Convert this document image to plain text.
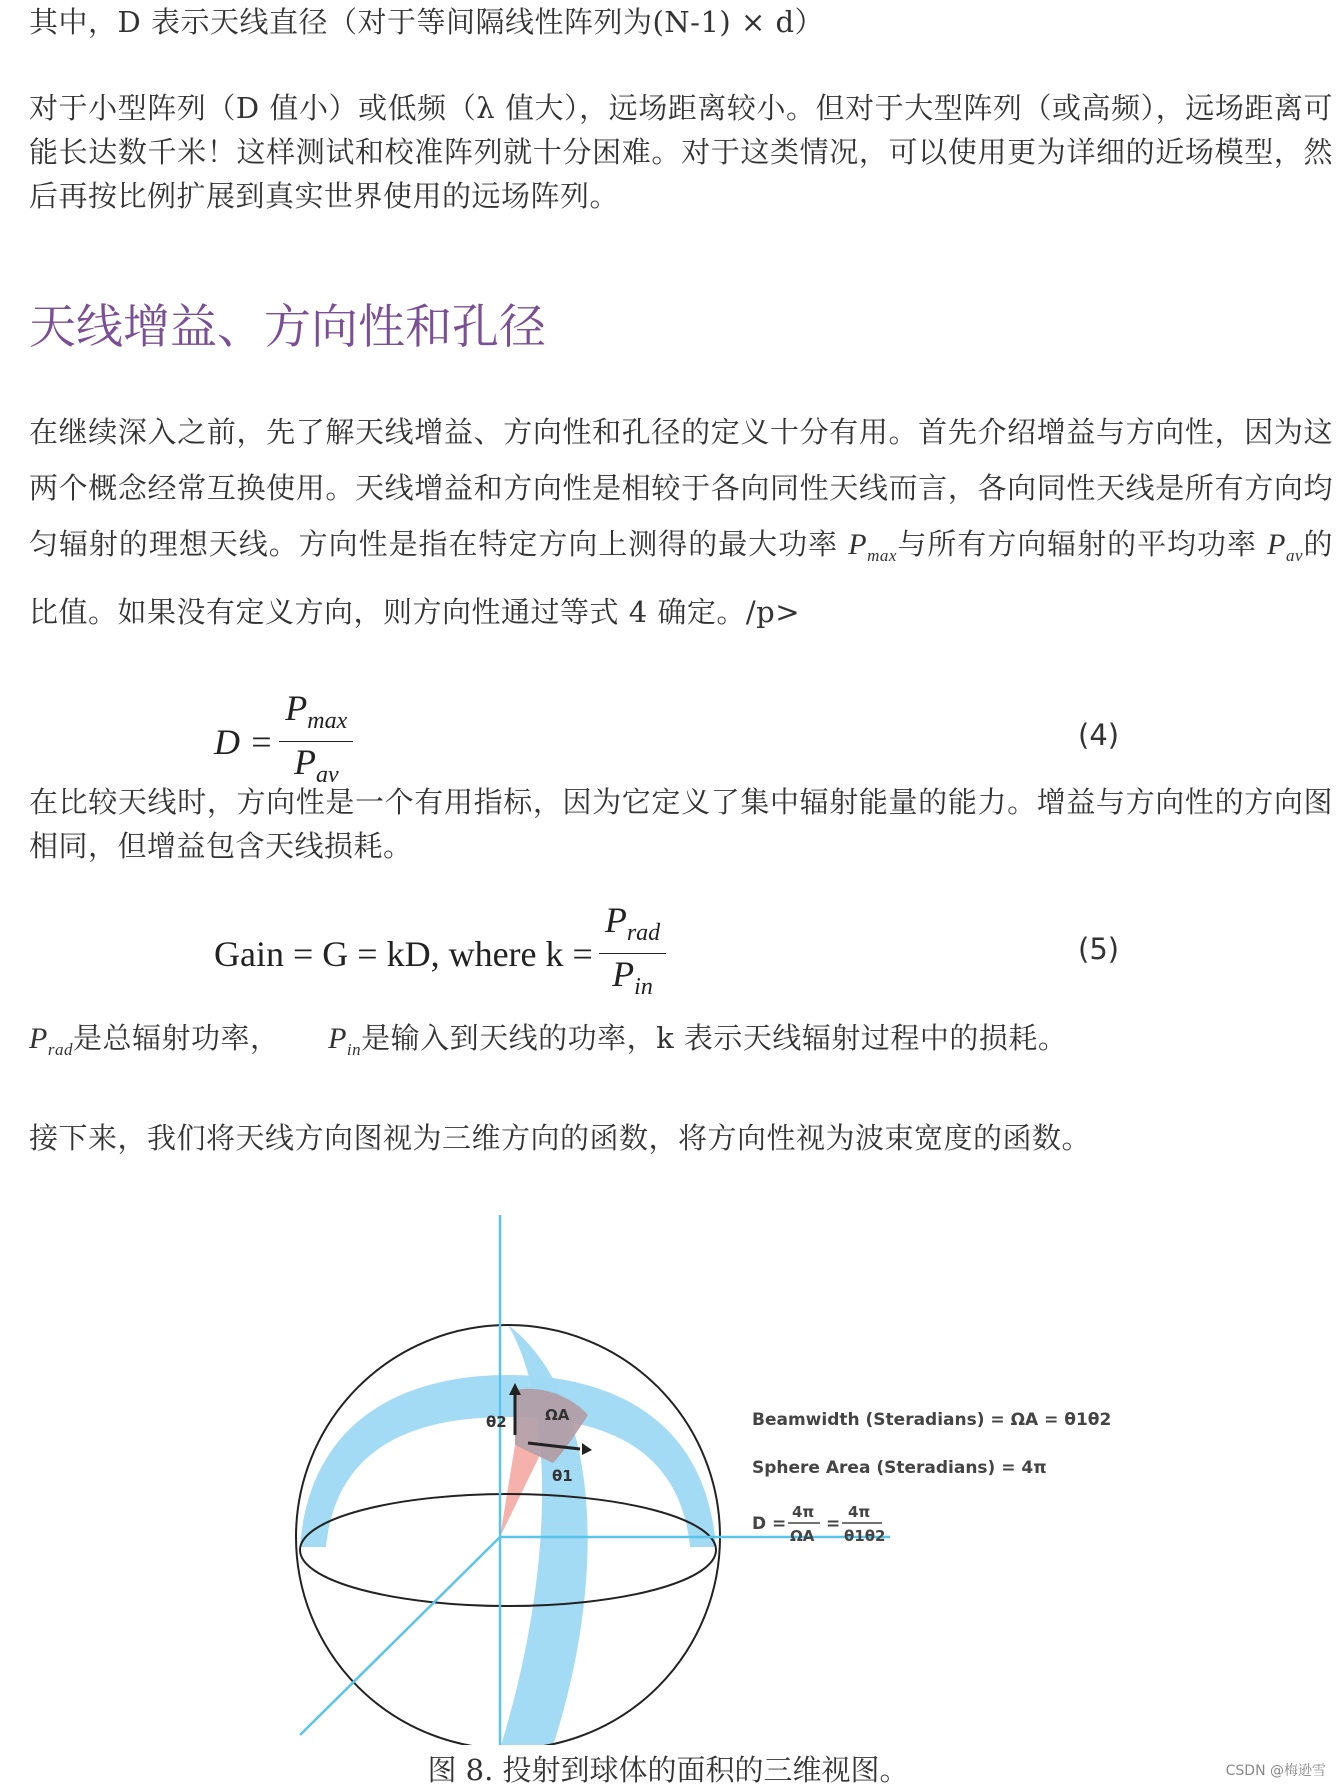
其中，D 表示天线直径（对于等间隔线性阵列为(N-1) × d）

对于小型阵列（D 值小）或低频（λ 值大），远场距离较小。但对于大型阵列（或高频），远场距离可能长达数千米！这样测试和校准阵列就十分困难。对于这类情况，可以使用更为详细的近场模型，然后再按比例扩展到真实世界使用的远场阵列。

天线增益、方向性和孔径

在继续深入之前，先了解天线增益、方向性和孔径的定义十分有用。首先介绍增益与方向性，因为这两个概念经常互换使用。天线增益和方向性是相较于各向同性天线而言，各向同性天线是所有方向均匀辐射的理想天线。方向性是指在特定方向上测得的最大功率 $P_{max}$与所有方向辐射的平均功率 $P_{av}$的比值。如果没有定义方向，则方向性通过等式 4 确定。/p>

$D = \frac{P_{max}}{P_{av}}$	(4)

在比较天线时，方向性是一个有用指标，因为它定义了集中辐射能量的能力。增益与方向性的方向图相同，但增益包含天线损耗。

Gain = G = kD, where $k = \frac{P_{rad}}{P_{in}}$	(5)

$P_{rad}$是总辐射功率， $P_{in}$是输入到天线的功率，k 表示天线辐射过程中的损耗。

接下来，我们将天线方向图视为三维方向的函数，将方向性视为波束宽度的函数。

θ2	ΩA
θ1
Beamwidth (Steradians) = ΩA = θ1θ2
Sphere Area (Steradians) = 4π
D =
4π
ΩA
=
4π
θ1θ2
图 8. 投射到球体的面积的三维视图。	CSDN @梅逊雪
